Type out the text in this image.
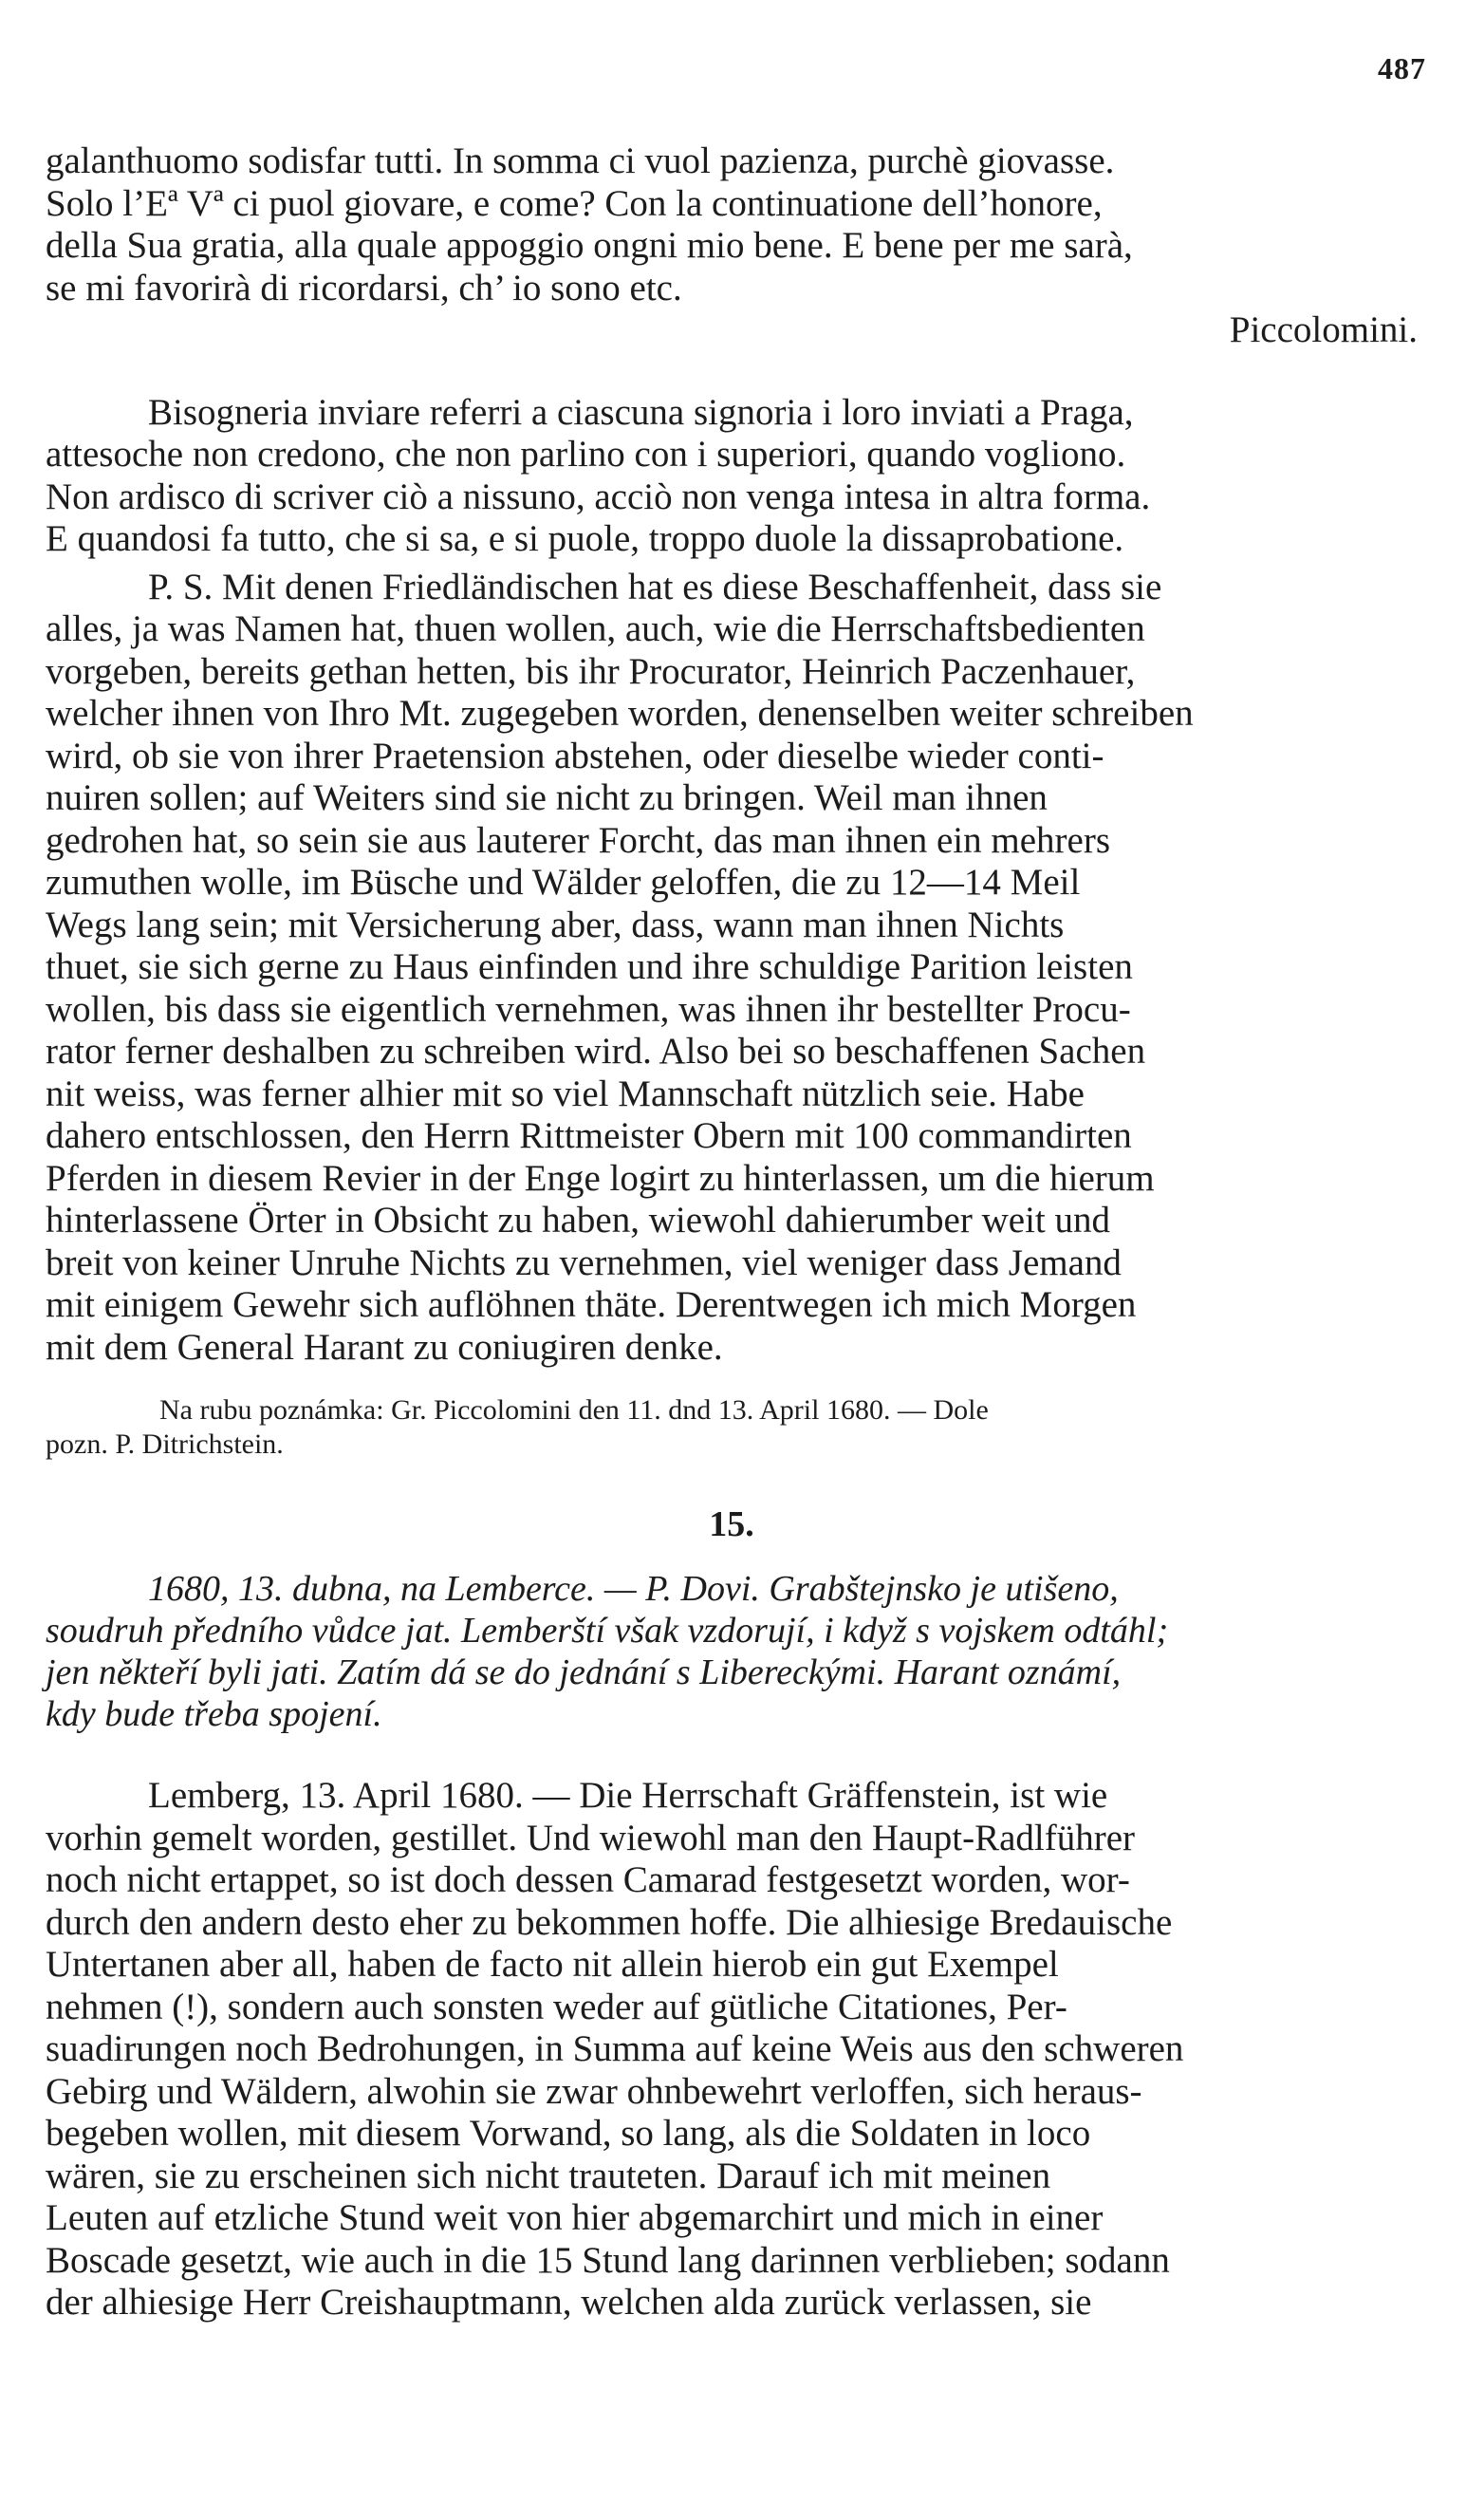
487

galanthuomo sodisfar tutti. In somma ci vuol pazienza, purchè giovasse.
Solo l’Eª Vª ci puol giovare, e come? Con la continuatione dell’honore,
della Sua gratia, alla quale appoggio ongni mio bene. E bene per me sarà,
se mi favorirà di ricordarsi, ch’ io sono etc.

Piccolomini.

Bisogneria inviare referri a ciascuna signoria i loro inviati a Praga,
attesoche non credono, che non parlino con i superiori, quando vogliono.
Non ardisco di scriver ciò a nissuno, acciò non venga intesa in altra forma.
E quandosi fa tutto, che si sa, e si puole, troppo duole la dissaprobatione.

P. S. Mit denen Friedländischen hat es diese Beschaffenheit, dass sie
alles, ja was Namen hat, thuen wollen, auch, wie die Herrschaftsbedienten
vorgeben, bereits gethan hetten, bis ihr Procurator, Heinrich Paczenhauer,
welcher ihnen von Ihro Mt. zugegeben worden, denenselben weiter schreiben
wird, ob sie von ihrer Praetension abstehen, oder dieselbe wieder conti-
nuiren sollen; auf Weiters sind sie nicht zu bringen. Weil man ihnen
gedrohen hat, so sein sie aus lauterer Forcht, das man ihnen ein mehrers
zumuthen wolle, im Büsche und Wälder geloffen, die zu 12—14 Meil
Wegs lang sein; mit Versicherung aber, dass, wann man ihnen Nichts
thuet, sie sich gerne zu Haus einfinden und ihre schuldige Parition leisten
wollen, bis dass sie eigentlich vernehmen, was ihnen ihr bestellter Procu-
rator ferner deshalben zu schreiben wird. Also bei so beschaffenen Sachen
nit weiss, was ferner alhier mit so viel Mannschaft nützlich seie. Habe
dahero entschlossen, den Herrn Rittmeister Obern mit 100 commandirten
Pferden in diesem Revier in der Enge logirt zu hinterlassen, um die hierum
hinterlassene Örter in Obsicht zu haben, wiewohl dahierumber weit und
breit von keiner Unruhe Nichts zu vernehmen, viel weniger dass Jemand
mit einigem Gewehr sich auflöhnen thäte. Derentwegen ich mich Morgen
mit dem General Harant zu coniugiren denke.

Na rubu poznámka: Gr. Piccolomini den 11. dnd 13. April 1680. — Dole
pozn. P. Ditrichstein.

15.

1680, 13. dubna, na Lemberce. — P. Dovi. Grabštejnsko je utišeno,
soudruh předního vůdce jat. Lemberští však vzdorují, i když s vojskem odtáhl;
jen někteří byli jati. Zatím dá se do jednání s Libereckými. Harant oznámí,
kdy bude třeba spojení.

Lemberg, 13. April 1680. — Die Herrschaft Gräffenstein, ist wie
vorhin gemelt worden, gestillet. Und wiewohl man den Haupt-Radlführer
noch nicht ertappet, so ist doch dessen Camarad festgesetzt worden, wor-
durch den andern desto eher zu bekommen hoffe. Die alhiesige Bredauische
Untertanen aber all, haben de facto nit allein hierob ein gut Exempel
nehmen (!), sondern auch sonsten weder auf gütliche Citationes, Per-
suadirungen noch Bedrohungen, in Summa auf keine Weis aus den schweren
Gebirg und Wäldern, alwohin sie zwar ohnbewehrt verloffen, sich heraus-
begeben wollen, mit diesem Vorwand, so lang, als die Soldaten in loco
wären, sie zu erscheinen sich nicht trauteten. Darauf ich mit meinen
Leuten auf etzliche Stund weit von hier abgemarchirt und mich in einer
Boscade gesetzt, wie auch in die 15 Stund lang darinnen verblieben; sodann
der alhiesige Herr Creishauptmann, welchen alda zurück verlassen, sie
